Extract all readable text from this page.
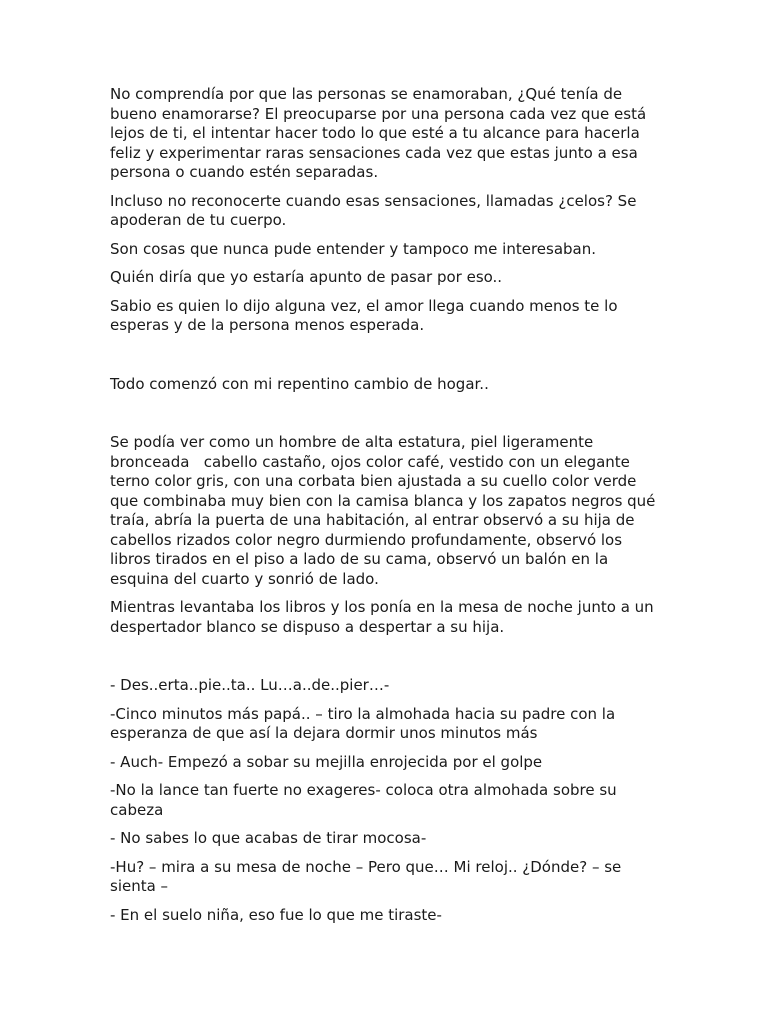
No comprendía por que las personas se enamoraban, ¿Qué tenía de bueno enamorarse? El preocuparse por una persona cada vez que está lejos de ti, el intentar hacer todo lo que esté a tu alcance para hacerla feliz y experimentar raras sensaciones cada vez que estas junto a esa persona o cuando estén separadas.

Incluso no reconocerte cuando esas sensaciones, llamadas ¿celos? Se apoderan de tu cuerpo.

Son cosas que nunca pude entender y tampoco me interesaban.

Quién diría que yo estaría apunto de pasar por eso..

Sabio es quien lo dijo alguna vez, el amor llega cuando menos te lo esperas y de la persona menos esperada.

Todo comenzó con mi repentino cambio de hogar..

Se podía ver como un hombre de alta estatura, piel ligeramente bronceada   cabello castaño, ojos color café, vestido con un elegante terno color gris, con una corbata bien ajustada a su cuello color verde que combinaba muy bien con la camisa blanca y los zapatos negros qué traía, abría la puerta de una habitación, al entrar observó a su hija de cabellos rizados color negro durmiendo profundamente, observó los libros tirados en el piso a lado de su cama, observó un balón en la esquina del cuarto y sonrió de lado.

Mientras levantaba los libros y los ponía en la mesa de noche junto a un despertador blanco se dispuso a despertar a su hija.

- Des..erta..pie..ta.. Lu…a..de..pier…-

-Cinco minutos más papá.. – tiro la almohada hacia su padre con la esperanza de que así la dejara dormir unos minutos más

- Auch- Empezó a sobar su mejilla enrojecida por el golpe

-No la lance tan fuerte no exageres- coloca otra almohada sobre su cabeza

- No sabes lo que acabas de tirar mocosa-

-Hu? – mira a su mesa de noche – Pero que… Mi reloj.. ¿Dónde? – se sienta –

- En el suelo niña, eso fue lo que me tiraste-
